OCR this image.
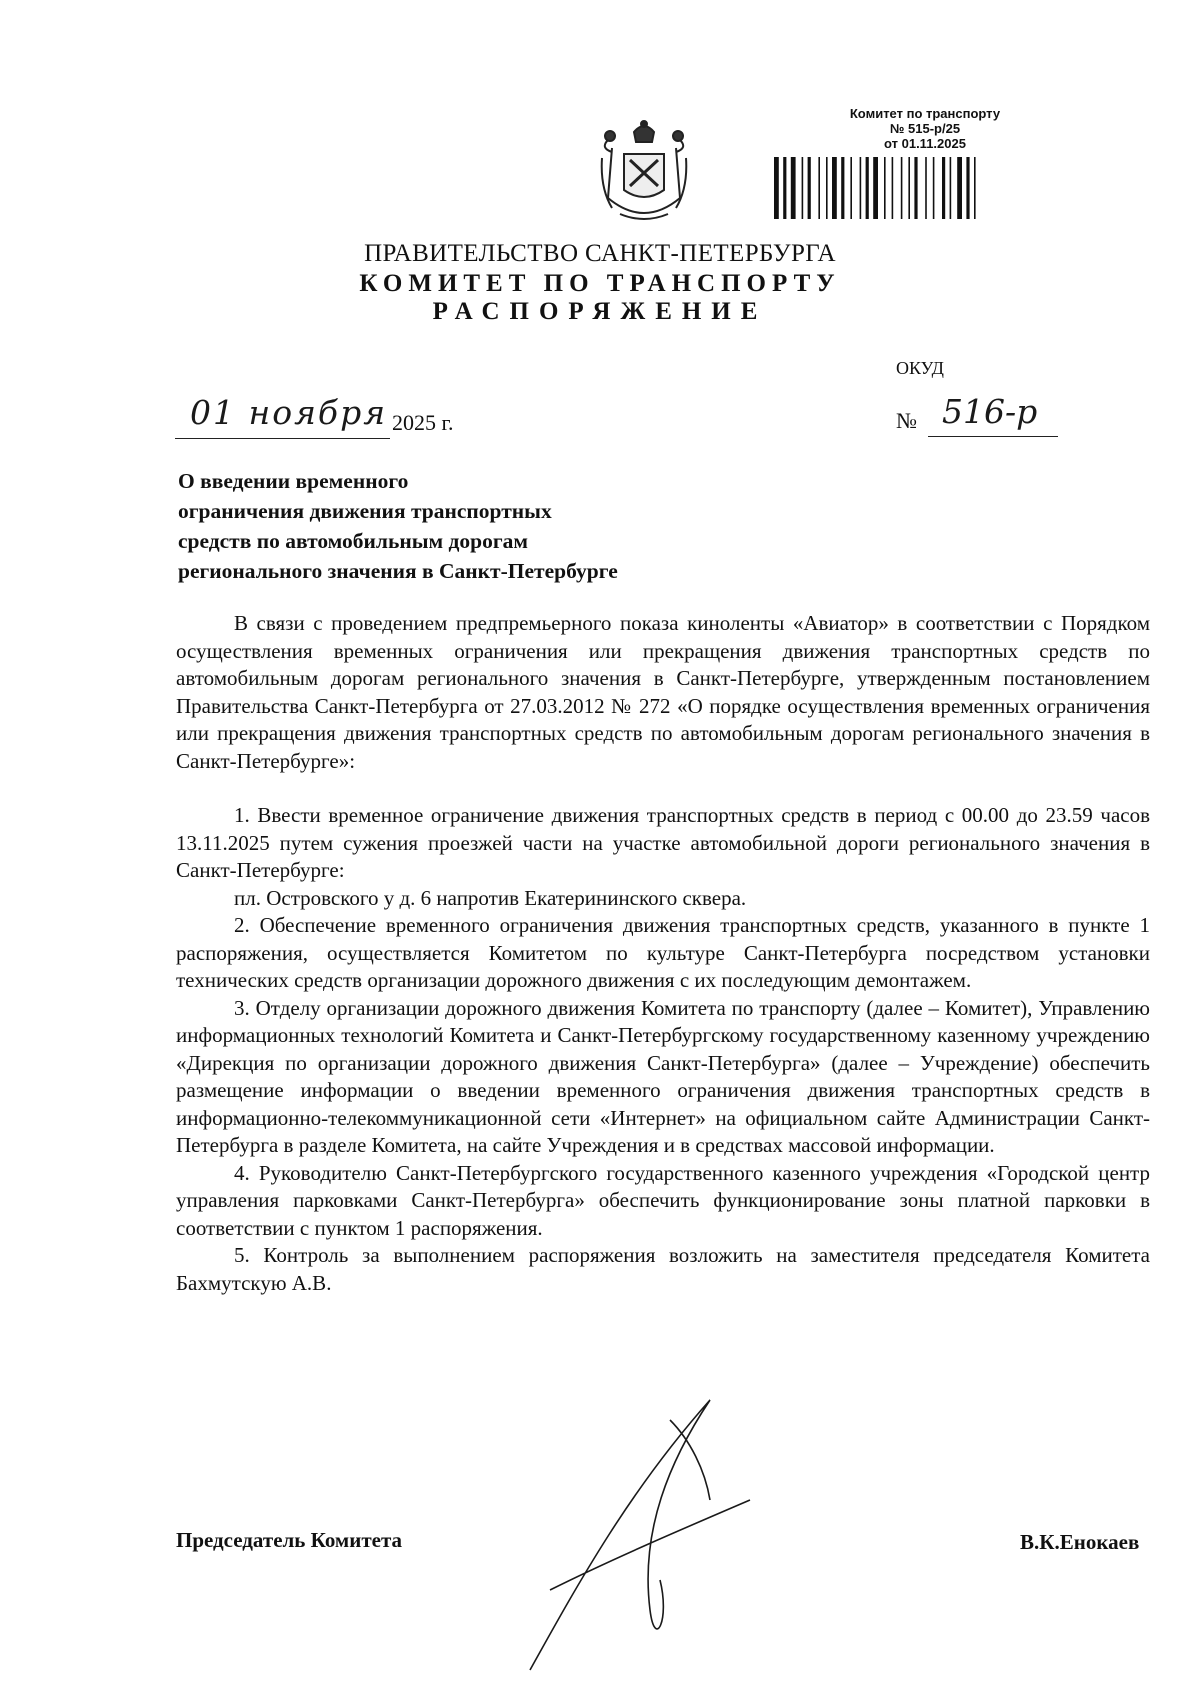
Комитет по транспорту
№ 515-р/25
от 01.11.2025
ПРАВИТЕЛЬСТВО САНКТ-ПЕТЕРБУРГА
КОМИТЕТ ПО ТРАНСПОРТУ
РАСПОРЯЖЕНИЕ
ОКУД
01 ноября 2025 г.	№ 516-р
О введении временного
ограничения движения транспортных
средств по автомобильным дорогам
регионального значения в Санкт-Петербурге

В связи с проведением предпремьерного показа киноленты «Авиатор» в соответствии с Порядком осуществления временных ограничения или прекращения движения транспортных средств по автомобильным дорогам регионального значения в Санкт-Петербурге, утвержденным постановлением Правительства Санкт-Петербурга от 27.03.2012 № 272 «О порядке осуществления временных ограничения или прекращения движения транспортных средств по автомобильным дорогам регионального значения в Санкт-Петербурге»:

1. Ввести временное ограничение движения транспортных средств в период с 00.00 до 23.59 часов 13.11.2025 путем сужения проезжей части на участке автомобильной дороги регионального значения в Санкт-Петербурге:

пл. Островского у д. 6 напротив Екатерининского сквера.

2. Обеспечение временного ограничения движения транспортных средств, указанного в пункте 1 распоряжения, осуществляется Комитетом по культуре Санкт-Петербурга посредством установки технических средств организации дорожного движения с их последующим демонтажем.

3. Отделу организации дорожного движения Комитета по транспорту (далее – Комитет), Управлению информационных технологий Комитета и Санкт-Петербургскому государственному казенному учреждению «Дирекция по организации дорожного движения Санкт-Петербурга» (далее – Учреждение) обеспечить размещение информации о введении временного ограничения движения транспортных средств в информационно-телекоммуникационной сети «Интернет» на официальном сайте Администрации Санкт-Петербурга в разделе Комитета, на сайте Учреждения и в средствах массовой информации.

4. Руководителю Санкт-Петербургского государственного казенного учреждения «Городской центр управления парковками Санкт-Петербурга» обеспечить функционирование зоны платной парковки в соответствии с пунктом 1 распоряжения.

5. Контроль за выполнением распоряжения возложить на заместителя председателя Комитета Бахмутскую А.В.

Председатель Комитета	В.К.Енокаев
